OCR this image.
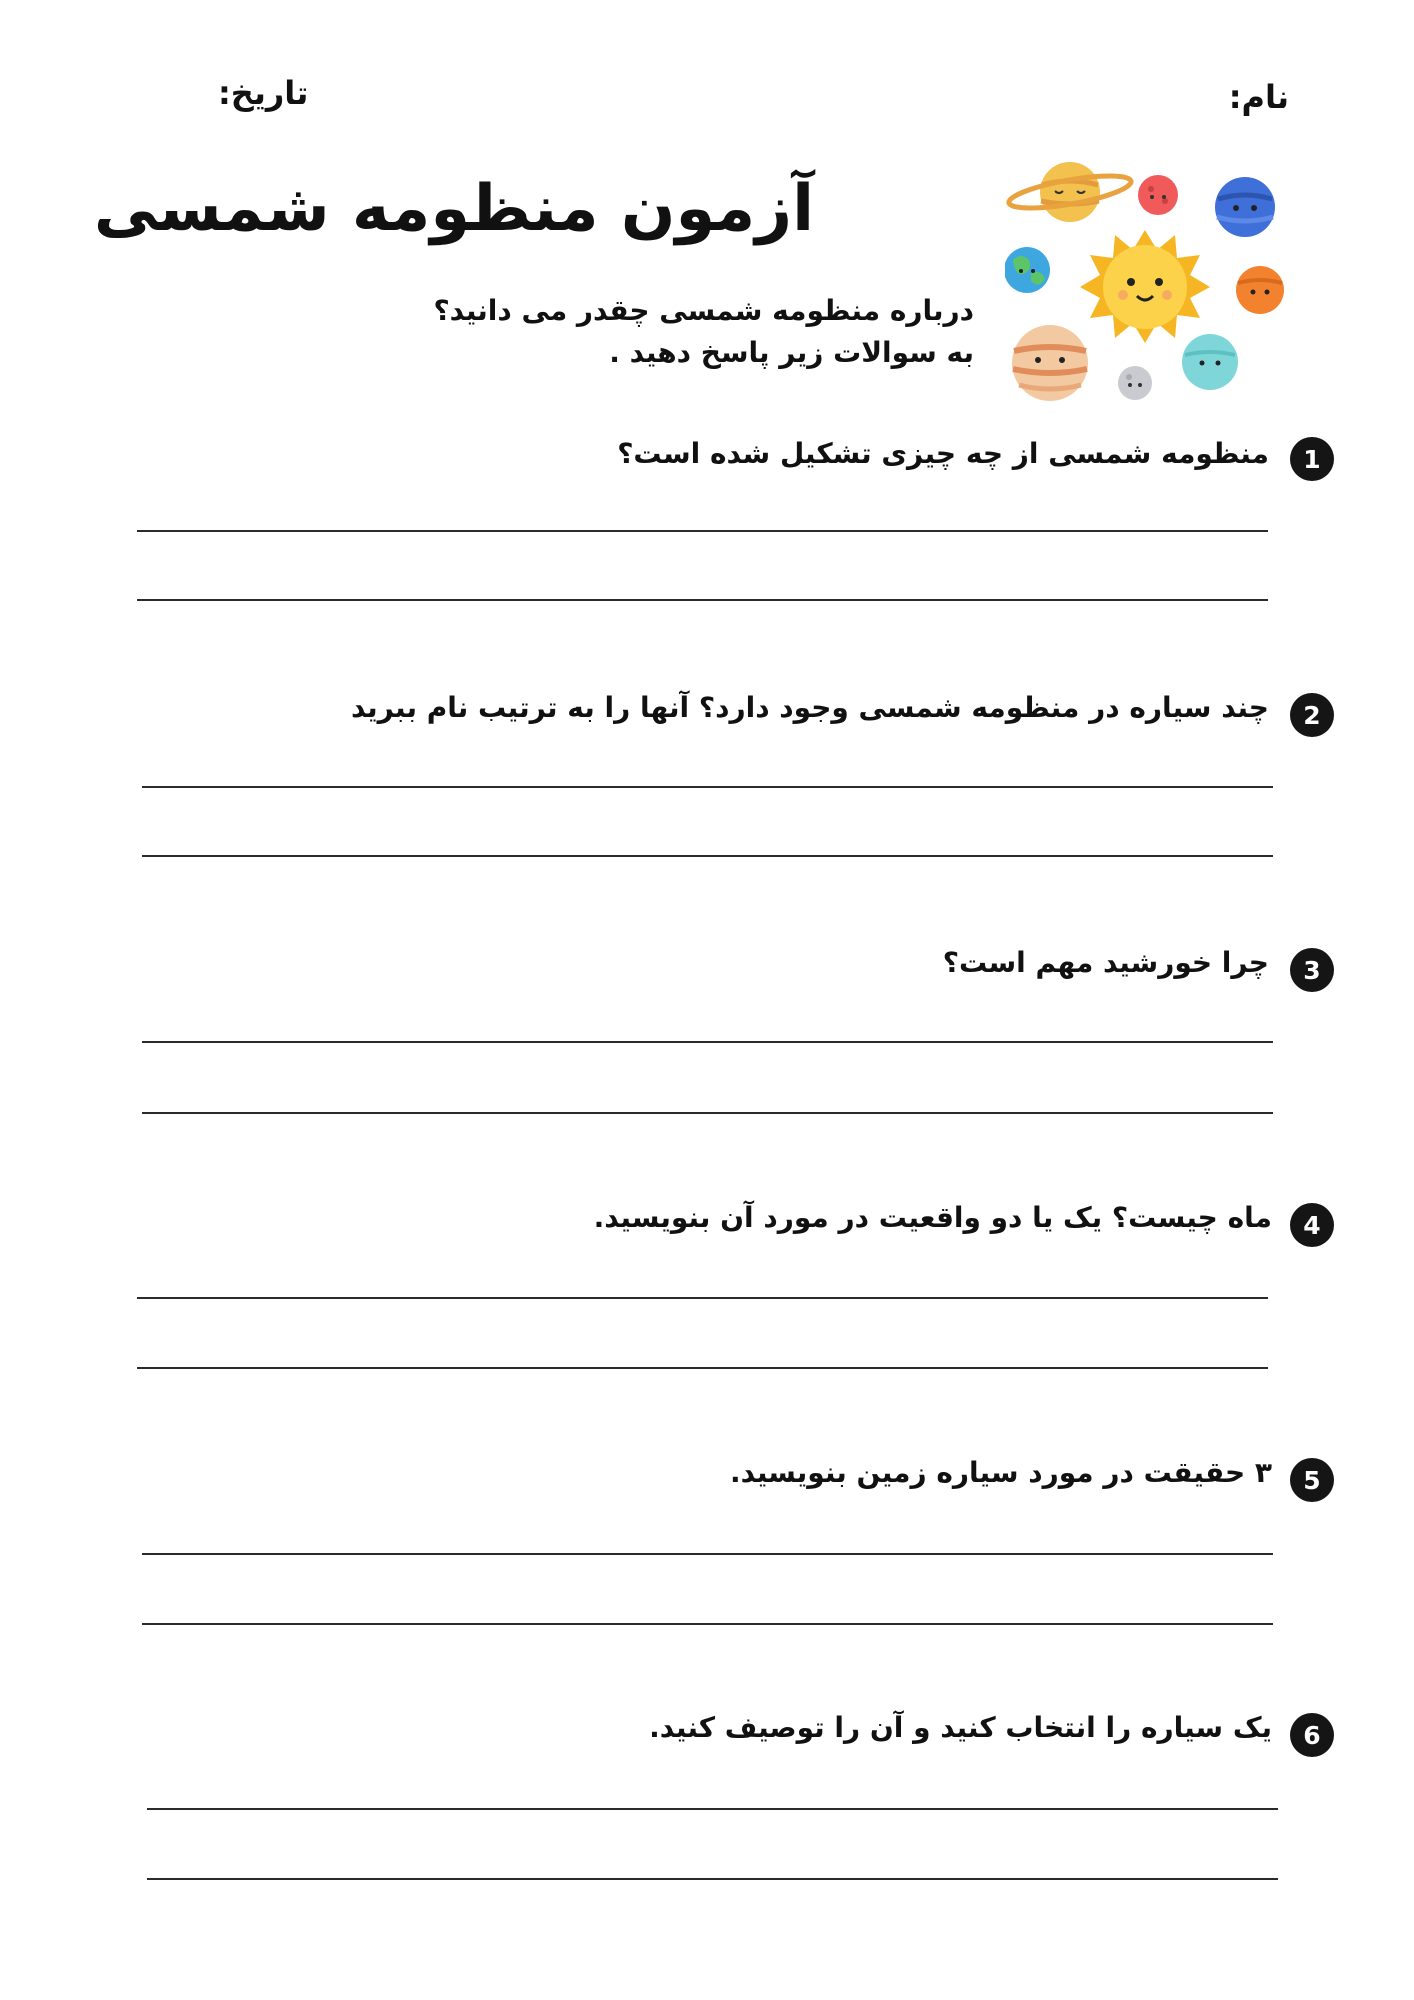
نام:
تاریخ:
آزمون منظومه شمسی
درباره منظومه شمسی چقدر می دانید؟
به سوالات زیر پاسخ دهید .
1
منظومه شمسی از چه چیزی تشکیل شده است؟
2
چند سیاره در منظومه شمسی وجود دارد؟ آنها را به ترتیب نام ببرید
3
چرا خورشید مهم است؟
4
ماه چیست؟ یک یا دو واقعیت در مورد آن بنویسید.
5
۳ حقیقت در مورد سیاره زمین بنویسید.
6
یک سیاره را انتخاب کنید و آن را توصیف کنید.
